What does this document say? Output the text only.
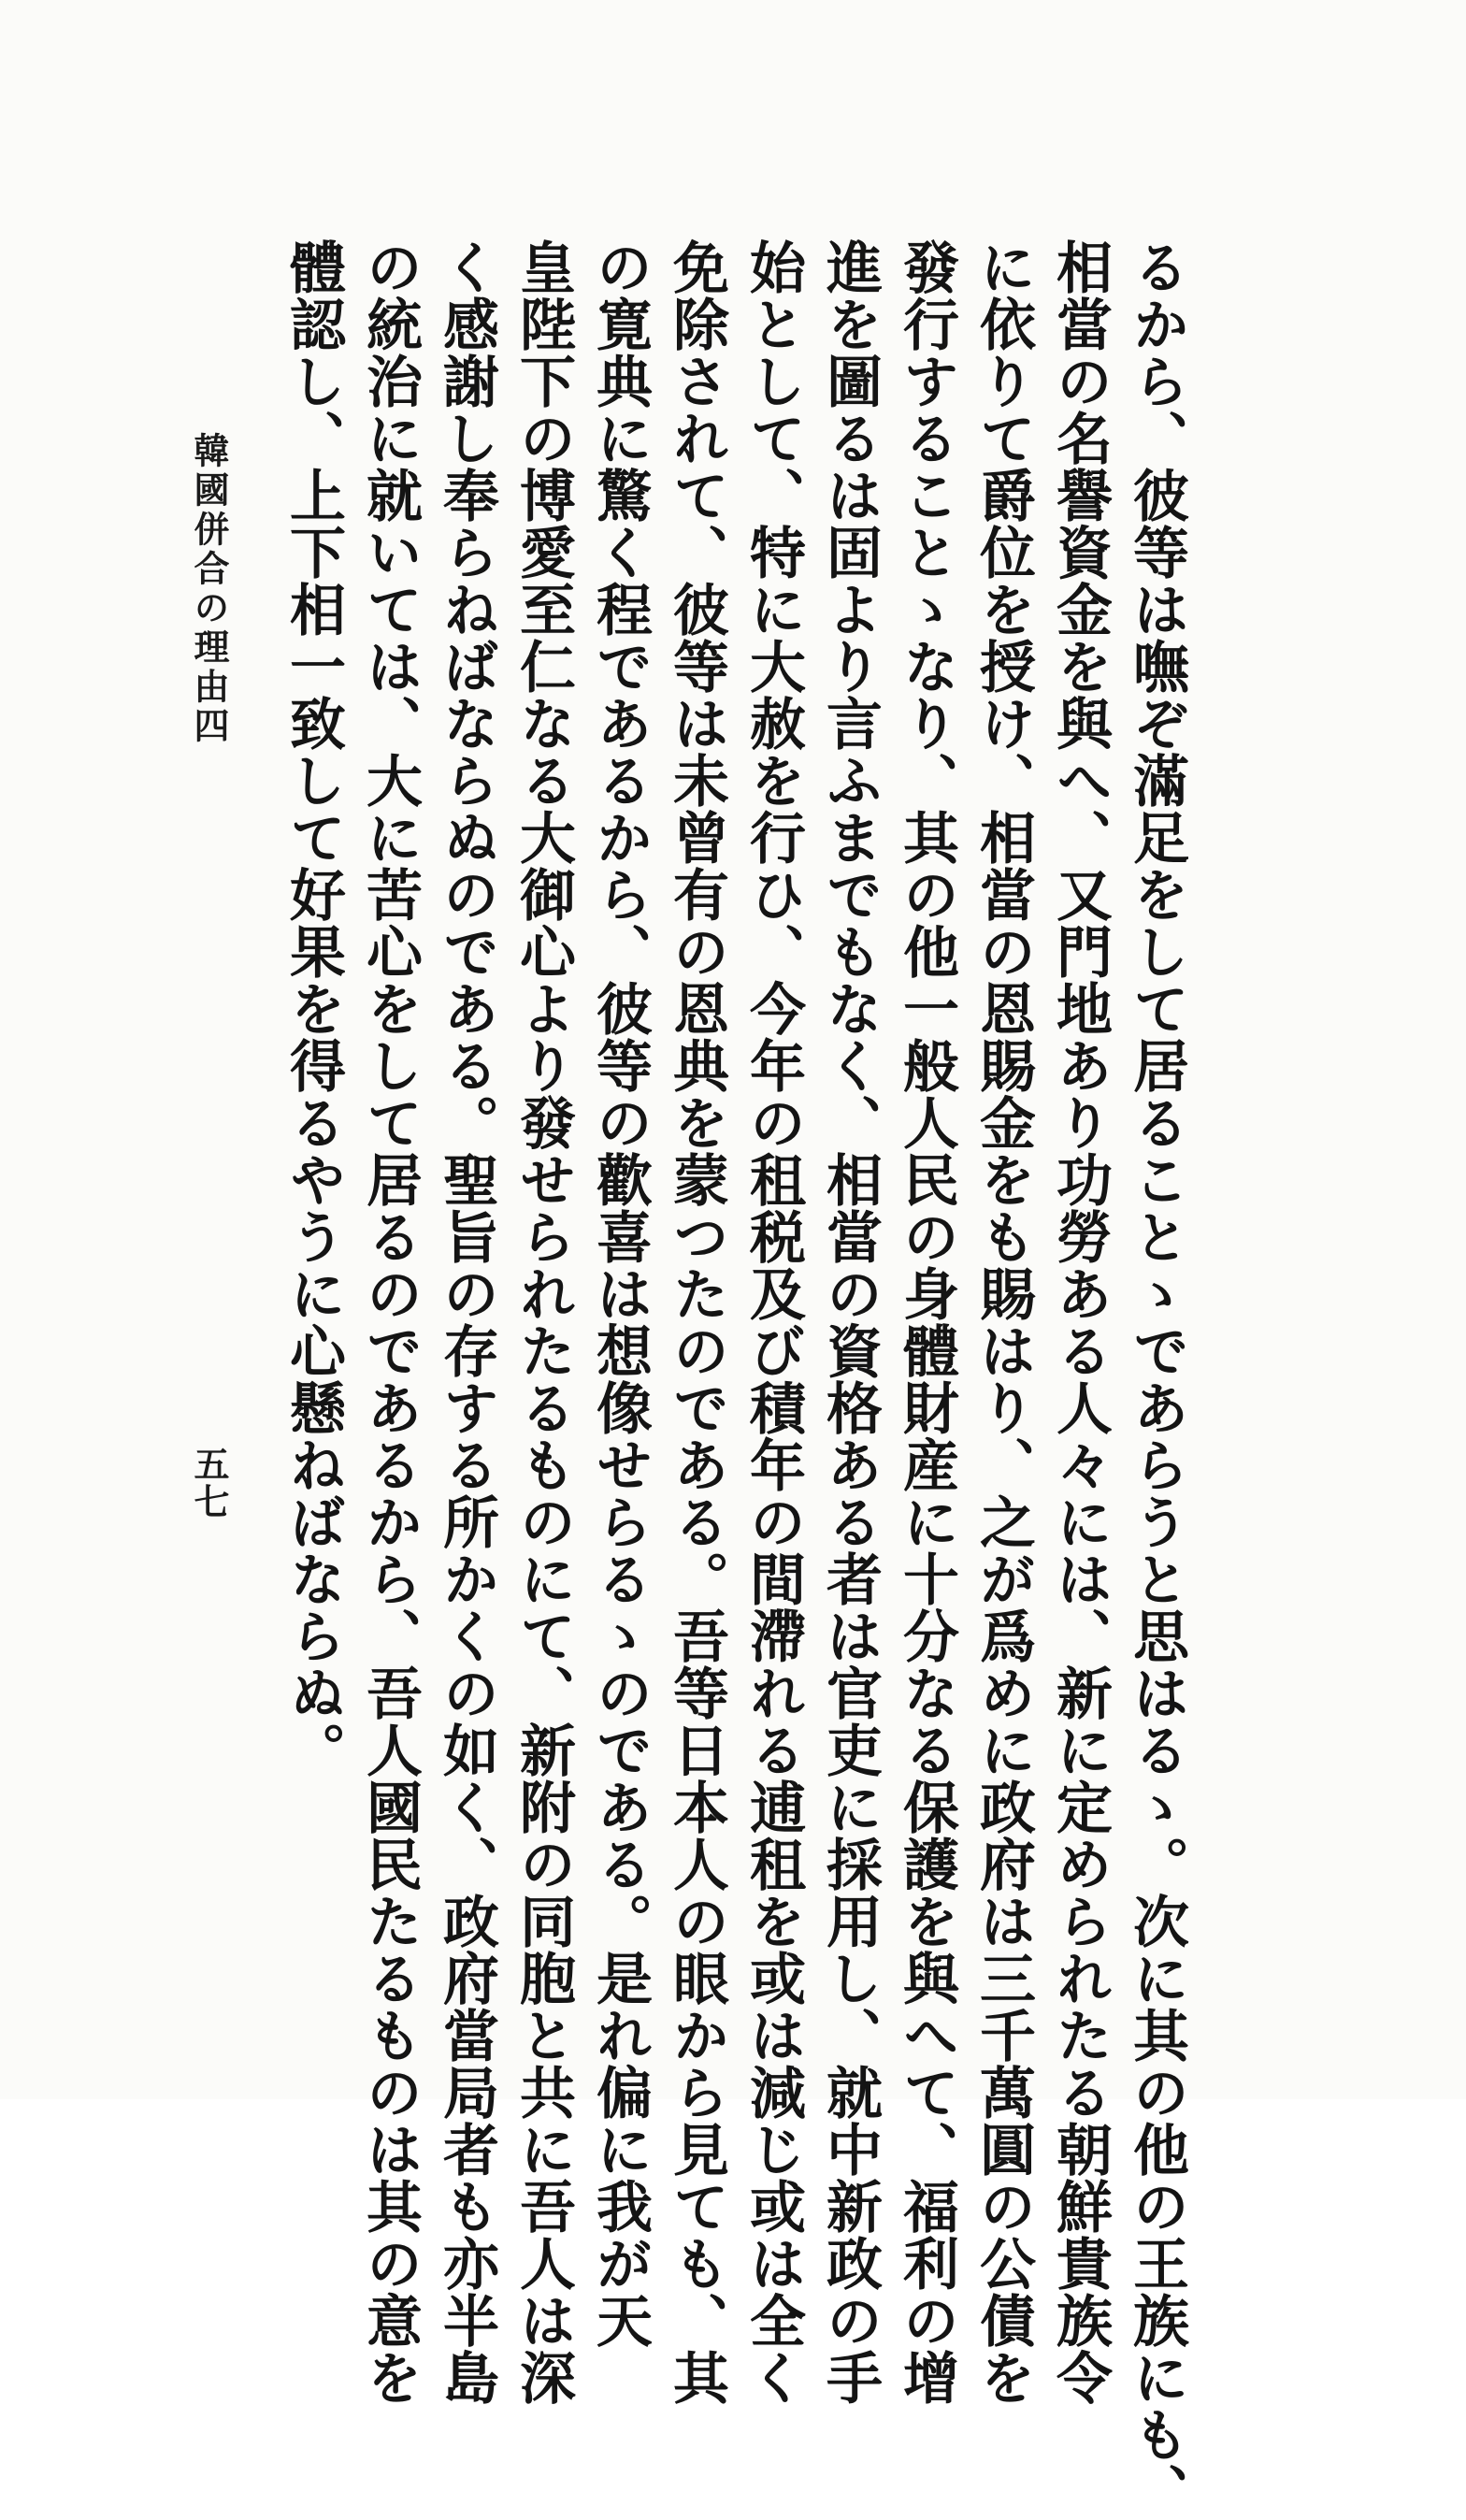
るから、彼等は嘸ぞ滿足をして居ることゝであらうと思はるゝ。次に其の他の王族にも、
相當の名譽資金を與へ、又門地あり功勞ある人々には、新に定められたる朝鮮貴族令
に依りて爵位を授け、相當の恩賜金をも賜はり、之が爲めに政府は三千萬圓の公債を
發行することゝなり、其の他一般人民の身體財産に十分なる保護を與へて、福利の增
進を圖るは固より言ふまでもなく、相當の資格ある者は官吏に採用し、就中新政の手
始として、特に大赦を行ひ、今年の租税及び積年の間滯れる逋租を或は減じ或は全く
免除されて、彼等は未曾有の恩典を蒙つたのである。吾等日本人の眼から見ても、其
の寛典に驚く程であるから、彼等の歡喜は想像せらるゝのである。是れ偏に我が天
皇陛下の博愛至仁なる大御心より發せられたるものにて、新附の同胞と共に吾人は深
く感謝し奉らねばならぬのである。聖旨の存する所かくの如く、政府當局者も亦半島
の統治に就いては、大に苦心をして居るのであるから、吾人國民たるものは其の意を
體認し、上下相一致して好果を得るやうに心懸ねばならぬ。
韓國併合の理由四
五七
